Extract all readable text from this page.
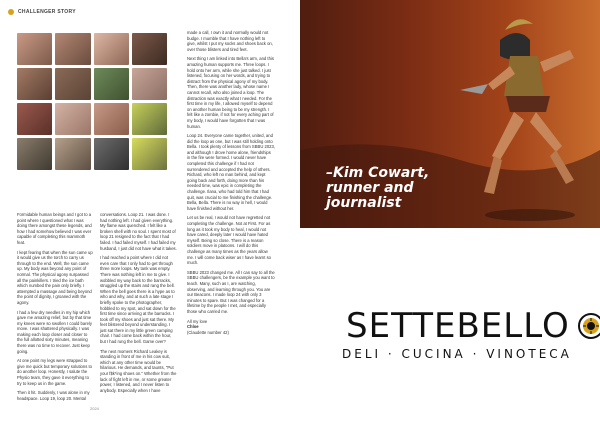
CHALLENGER STORY

Formidable human beings and I got to a point where I questioned what I was doing there amongst these legends, and how I had somehow believed I was ever capable of completing this mammoth feat.

I kept fearing that when the sun came up it would give us the torch to carry us through to the end. Well, the sun came up. My body was beyond any point of normal. The physical agony surpassed all the painkillers. I tried the ice bath which numbed the pain only briefly. I attempted a massage and being beyond the point of dignity, I groaned with the agony.

I had a few dry needles in my hip which gave me amazing relief, but by that time my knees were so swollen I could barely move. I was shattered physically. I was making each loop closer and closer to the full allotted sixty minutes, meaning there was no time to recover. Just keep going.

At one point my legs were strapped to give me quick but temporary solutions to do another loop. Honestly, I salute the Physio team, they gave it everything to try to keep us in the game.

Then it hit. Suddenly, I was alone in my headspace. Loop 19, loop 20. Mental

conversations. Loop 21. I was done. I had nothing left. I had given everything. My flame was quenched. I felt like a broken shell with no soul. I spent most of loop 21 resigned to the fact that I had failed. I had failed myself. I had failed my husband, I just did not have what it takes.

I had reached a point where I did not even care that I only had to get through three more loops. My tank was empty. There was nothing left in me to give. I wobbled my way back to the barracks, struggled up the stairs and rang the bell. When the bell goes there is a hype as to who and why, and at such a late stage I briefly spoke to the photographer, hobbled to my spot, and sat down for the first time since arriving at the barracks. I took off my shoes and just sat there. My feet blistered beyond understanding. I just sat there in my little green camping chair. I had come back within the hour, but I had rung the bell. Game over?

The next moment Richard Leakey is standing in front of me in his cow suit, which at any other time would be hilarious. He demands, and taunts, "Put your f$k*ing shoes on." Whether from the lack of fight left in me, or some greater power, I listened, and I never listen to anybody. Especially when I have

made a call, I own it and normally would not budge. I mumble that I have nothing left to give, whilst I put my socks and shoes back on, over those blisters and tired feet.

Next thing I am linked into Bella's arm, and this amazing human supports me. Three loops. I hold onto her arm, while she just talked. I just listened, focusing on her words, and trying to distract from the physical agony of my body. Then, there was another lady, whose name I cannot recall, who also joined a loop. The distraction was exactly what I needed. For the first time in my life, I allowed myself to depend on another human being to be my strength. I felt like a zombie, if not for every aching part of my body, I would have forgotten that I was human.

Loop 24. Everyone came together, united, and did the loop as one, but I was still holding onto Bella. I took plenty of lessons from SBBU 2023, and although I drove home alone, friendships in the fire were formed. I would never have completed this challenge if I had not surrendered and accepted the help of others. Richard, who left no man behind, and kept going back and forth, doing more than his needed time, was epic in completing the challenge. Ilana, who had told him that I had quit, was crucial to me finishing the challenge. Bella, Bella. There is no way in hell, I would have finished without her.

Let us be real, I would not have regretted not completing the challenge. Not at First. For as long as it took my body to heal, I would not have cared, deeply later I would have hated myself. Being so close. There is a reason soldiers move in platoons. I will do this challenge as many times as the years allow me. I will come back wiser as I have learnt so much.

SBBU 2023 changed me. All I can say to all the SBBU challengers, be the example you want to teach. Many, such as I, are watching, observing, and learning through you. You are our Beacons. I made loop 24 with only 3 minutes to spare. But I was changed for a lifetime by the people I met, and especially those who carried me.

All my love
Chloe
(Claudette number 42)
2024
–Kim Cowart,
runner and
journalist
SETTEBELLO
DELI · CUCINA · VINOTECA
